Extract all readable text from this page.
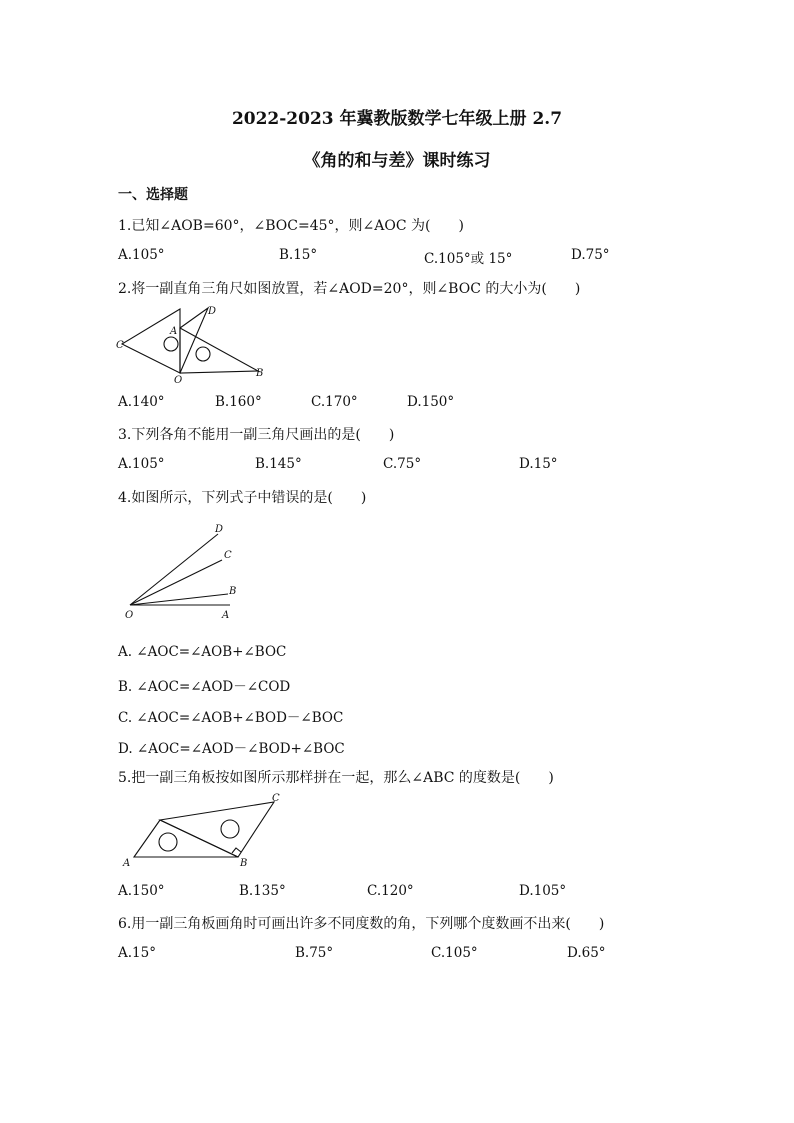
2022-2023 年冀教版数学七年级上册 2.7
《角的和与差》课时练习
一、选择题
1.已知∠AOB=60°，∠BOC=45°，则∠AOC 为(　　)
A.105°	B.15°	C.105°或 15°	D.75°
2.将一副直角三角尺如图放置，若∠AOD=20°，则∠BOC 的大小为(　　)
D
A
C
O
B
A.140°	B.160°	C.170°	D.150°
3.下列各角不能用一副三角尺画出的是(　　)
A.105°	B.145°	C.75°	D.15°
4.如图所示，下列式子中错误的是(　　)
D
C
B
O	A
A. ∠AOC=∠AOB+∠BOC
B. ∠AOC=∠AOD－∠COD
C. ∠AOC=∠AOB+∠BOD－∠BOC
D. ∠AOC=∠AOD－∠BOD+∠BOC
5.把一副三角板按如图所示那样拼在一起，那么∠ABC 的度数是(　　)
C
A	B
A.150°	B.135°	C.120°	D.105°
6.用一副三角板画角时可画出许多不同度数的角，下列哪个度数画不出来(　　)
A.15°	B.75°	C.105°	D.65°
